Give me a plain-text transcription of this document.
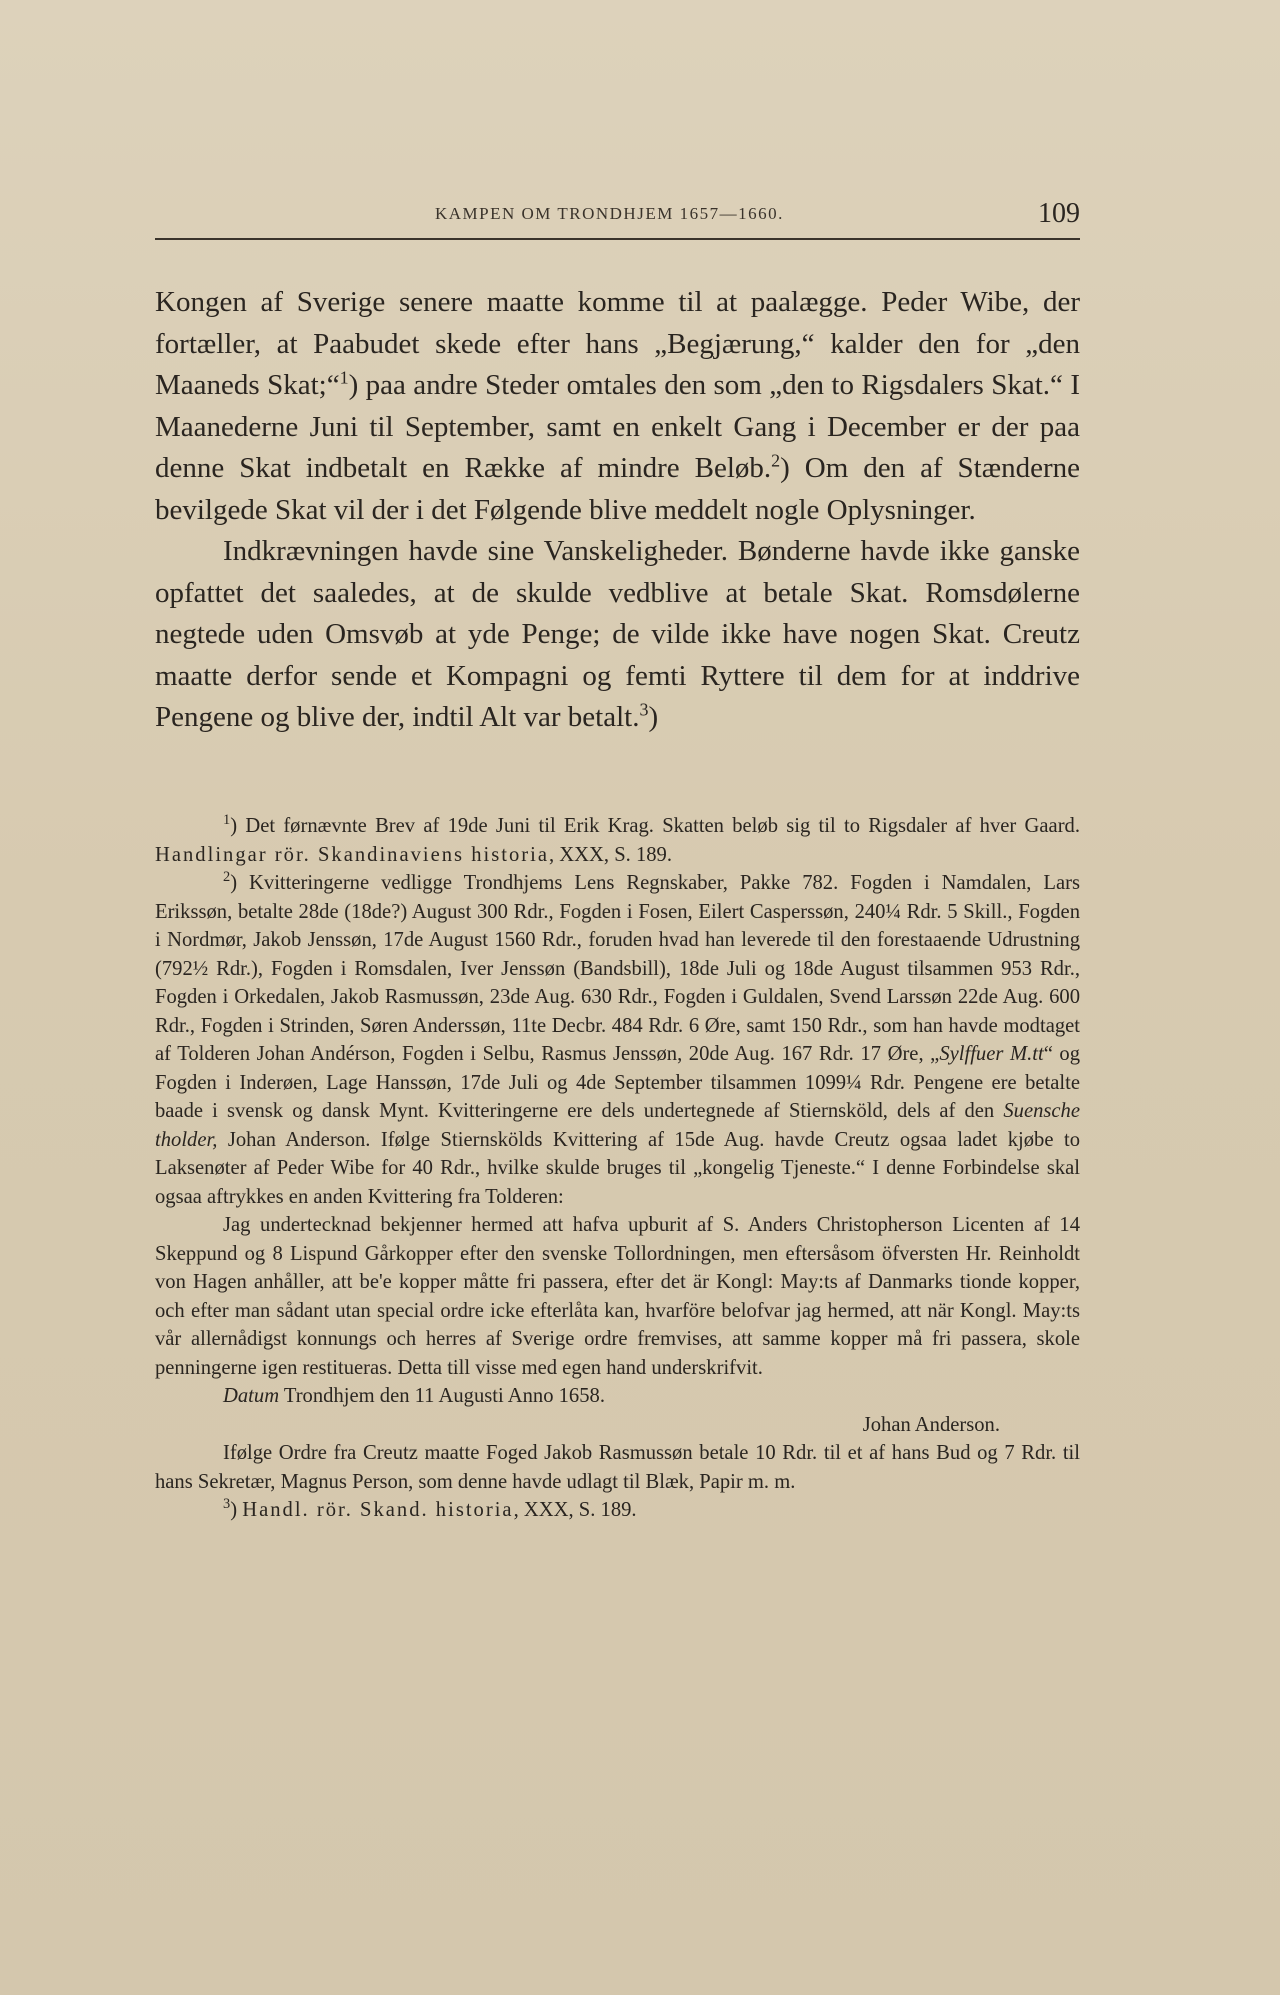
KAMPEN OM TRONDHJEM 1657—1660.	109

Kongen af Sverige senere maatte komme til at paalægge. Peder Wibe, der fortæller, at Paabudet skede efter hans „Begjærung,“ kalder den for „den Maaneds Skat;“$^1$) paa andre Steder omtales den som „den to Rigsdalers Skat.“ I Maanederne Juni til September, samt en enkelt Gang i December er der paa denne Skat indbetalt en Række af mindre Beløb.$^2$) Om den af Stænderne bevilgede Skat vil der i det Følgende blive meddelt nogle Oplysninger.

Indkrævningen havde sine Vanskeligheder. Bønderne havde ikke ganske opfattet det saaledes, at de skulde vedblive at betale Skat. Romsdølerne negtede uden Omsvøb at yde Penge; de vilde ikke have nogen Skat. Creutz maatte derfor sende et Kompagni og femti Ryttere til dem for at inddrive Pengene og blive der, indtil Alt var betalt.$^3$)

$^1$) Det førnævnte Brev af 19de Juni til Erik Krag. Skatten beløb sig til to Rigsdaler af hver Gaard. Handlingar rör. Skandinaviens historia, XXX, S. 189.

$^2$) Kvitteringerne vedligge Trondhjems Lens Regnskaber, Pakke 782. Fogden i Namdalen, Lars Erikssøn, betalte 28de (18de?) August 300 Rdr., Fogden i Fosen, Eilert Casperssøn, 240¼ Rdr. 5 Skill., Fogden i Nordmør, Jakob Jenssøn, 17de August 1560 Rdr., foruden hvad han leverede til den forestaaende Udrustning (792½ Rdr.), Fogden i Romsdalen, Iver Jenssøn (Bandsbill), 18de Juli og 18de August tilsammen 953 Rdr., Fogden i Orkedalen, Jakob Rasmussøn, 23de Aug. 630 Rdr., Fogden i Guldalen, Svend Larssøn 22de Aug. 600 Rdr., Fogden i Strinden, Søren Anderssøn, 11te Decbr. 484 Rdr. 6 Øre, samt 150 Rdr., som han havde modtaget af Tolderen Johan Andérson, Fogden i Selbu, Rasmus Jenssøn, 20de Aug. 167 Rdr. 17 Øre, „Sylffuer M.tt“ og Fogden i Inderøen, Lage Hanssøn, 17de Juli og 4de September tilsammen 1099¼ Rdr. Pengene ere betalte baade i svensk og dansk Mynt. Kvitteringerne ere dels undertegnede af Stiernsköld, dels af den Suensche tholder, Johan Anderson. Ifølge Stiernskölds Kvittering af 15de Aug. havde Creutz ogsaa ladet kjøbe to Laksenøter af Peder Wibe for 40 Rdr., hvilke skulde bruges til „kongelig Tjeneste.“ I denne Forbindelse skal ogsaa aftrykkes en anden Kvittering fra Tolderen:

Jag undertecknad bekjenner hermed att hafva upburit af S. Anders Christopherson Licenten af 14 Skeppund og 8 Lispund Gårkopper efter den svenske Tollordningen, men eftersåsom öfversten Hr. Reinholdt von Hagen anhåller, att be'e kopper måtte fri passera, efter det är Kongl: May:ts af Danmarks tionde kopper, och efter man sådant utan special ordre icke efterlåta kan, hvarföre belofvar jag hermed, att när Kongl. May:ts vår allernådigst konnungs och herres af Sverige ordre fremvises, att samme kopper må fri passera, skole penningerne igen restitueras. Detta till visse med egen hand underskrifvit.

Datum Trondhjem den 11 Augusti Anno 1658.

Johan Anderson.

Ifølge Ordre fra Creutz maatte Foged Jakob Rasmussøn betale 10 Rdr. til et af hans Bud og 7 Rdr. til hans Sekretær, Magnus Person, som denne havde udlagt til Blæk, Papir m. m.

$^3$) Handl. rör. Skand. historia, XXX, S. 189.
